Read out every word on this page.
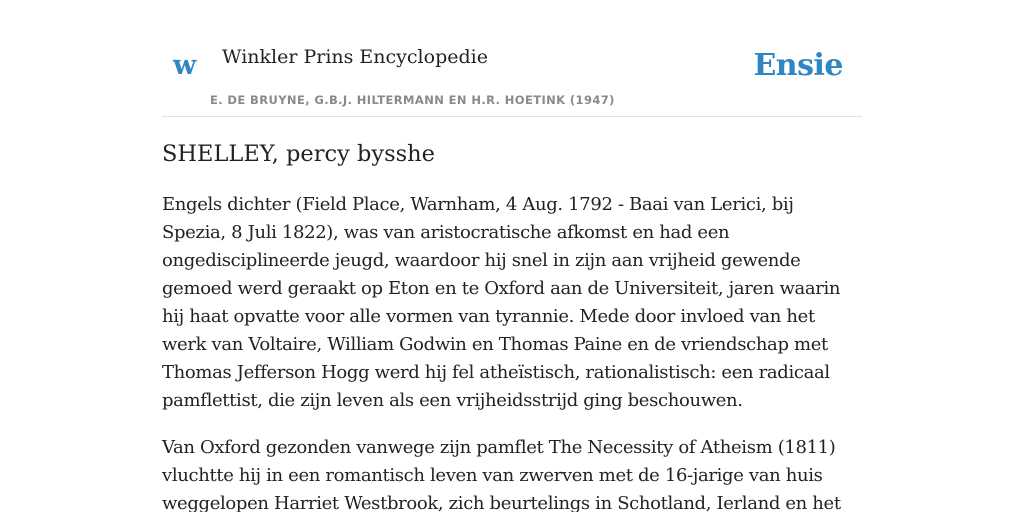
w Winkler Prins Encyclopedie
E. DE BRUYNE, G.B.J. HILTERMANN EN H.R. HOETINK (1947)
Ensie
SHELLEY, percy bysshe

Engels dichter (Field Place, Warnham, 4 Aug. 1792 - Baai van Lerici, bij Spezia, 8 Juli 1822), was van aristocratische afkomst en had een ongedisciplineerde jeugd, waardoor hij snel in zijn aan vrijheid gewende gemoed werd geraakt op Eton en te Oxford aan de Universiteit, jaren waarin hij haat opvatte voor alle vormen van tyrannie. Mede door invloed van het werk van Voltaire, William Godwin en Thomas Paine en de vriendschap met Thomas Jefferson Hogg werd hij fel atheïstisch, rationalistisch: een radicaal pamflettist, die zijn leven als een vrijheidsstrijd ging beschouwen.

Van Oxford gezonden vanwege zijn pamflet The Necessity of Atheism (1811) vluchtte hij in een romantisch leven van zwerven met de 16-jarige van huis weggelopen Harriet Westbrook, zich beurtelings in Schotland, Ierland en het
